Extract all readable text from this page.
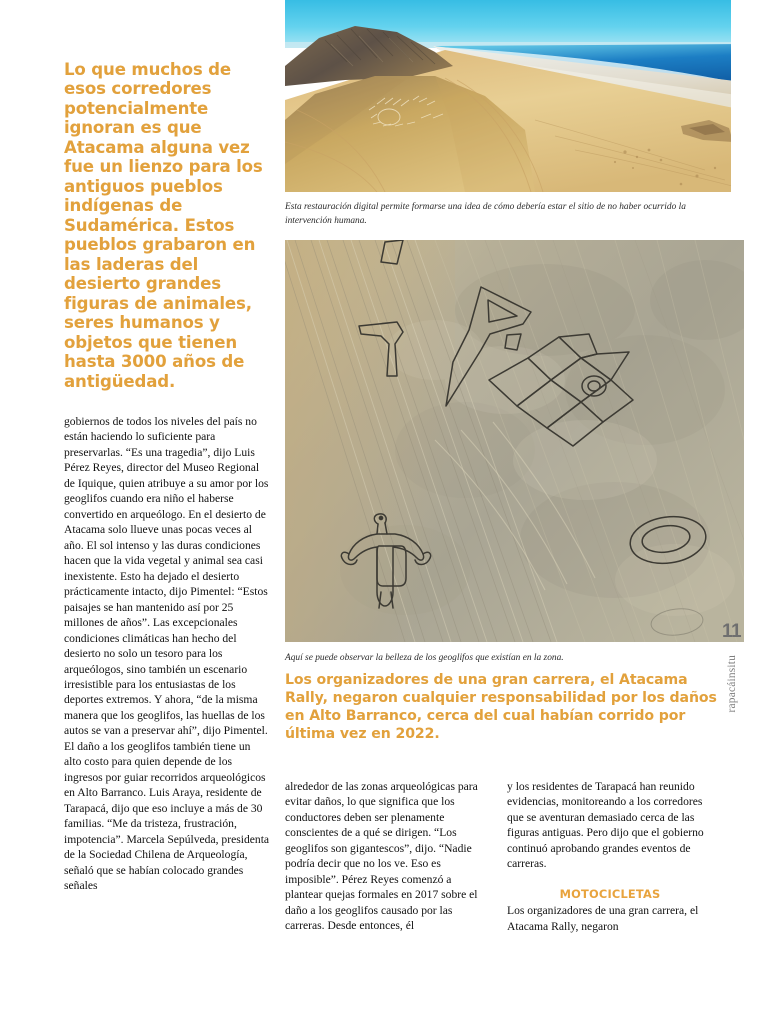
Lo que muchos de esos corredores potencialmente ignoran es que Atacama alguna vez fue un lienzo para los antiguos pueblos indígenas de Sudamérica. Estos pueblos grabaron en las laderas del desierto grandes figuras de animales, seres humanos y objetos que tienen hasta 3000 años de antigüedad.

gobiernos de todos los niveles del país no están haciendo lo suficiente para preservarlas. “Es una tragedia”, dijo Luis Pérez Reyes, director del Museo Regional de Iquique, quien atribuye a su amor por los geoglifos cuando era niño el haberse convertido en arqueólogo. En el desierto de Atacama solo llueve unas pocas veces al año. El sol intenso y las duras condiciones hacen que la vida vegetal y animal sea casi inexistente. Esto ha dejado el desierto prácticamente intacto, dijo Pimentel: “Estos paisajes se han mantenido así por 25 millones de años”. Las excepcionales condiciones climáticas han hecho del desierto no solo un tesoro para los arqueólogos, sino también un escenario irresistible para los entusiastas de los deportes extremos. Y ahora, “de la misma manera que los geoglifos, las huellas de los autos se van a preservar ahí”, dijo Pimentel. El daño a los geoglifos también tiene un alto costo para quien depende de los ingresos por guiar recorridos arqueológicos en Alto Barranco. Luis Araya, residente de Tarapacá, dijo que eso incluye a más de 30 familias. “Me da tristeza, frustración, impotencia”. Marcela Sepúlveda, presidenta de la Sociedad Chilena de Arqueología, señaló que se habían colocado grandes señales

Esta restauración digital permite formarse una idea de cómo debería estar el sitio de no haber ocurrido la intervención humana.
Aquí se puede observar la belleza de los geoglifos que existían en la zona.
Los organizadores de una gran carrera, el Atacama Rally, negaron cualquier responsabilidad por los daños en Alto Barranco, cerca del cual habían corrido por última vez en 2022.

alrededor de las zonas arqueológicas para evitar daños, lo que significa que los conductores deben ser plenamente conscientes de a qué se dirigen. “Los geoglifos son gigantescos”, dijo. “Nadie podría decir que no los ve. Eso es imposible”. Pérez Reyes comenzó a plantear quejas formales en 2017 sobre el daño a los geoglifos causado por las carreras. Desde entonces, él

y los residentes de Tarapacá han reunido evidencias, monitoreando a los corredores que se aventuran demasiado cerca de las figuras antiguas. Pero dijo que el gobierno continuó aprobando grandes eventos de carreras.

MOTOCICLETAS

Los organizadores de una gran carrera, el Atacama Rally, negaron

11
rapacáinsitu
